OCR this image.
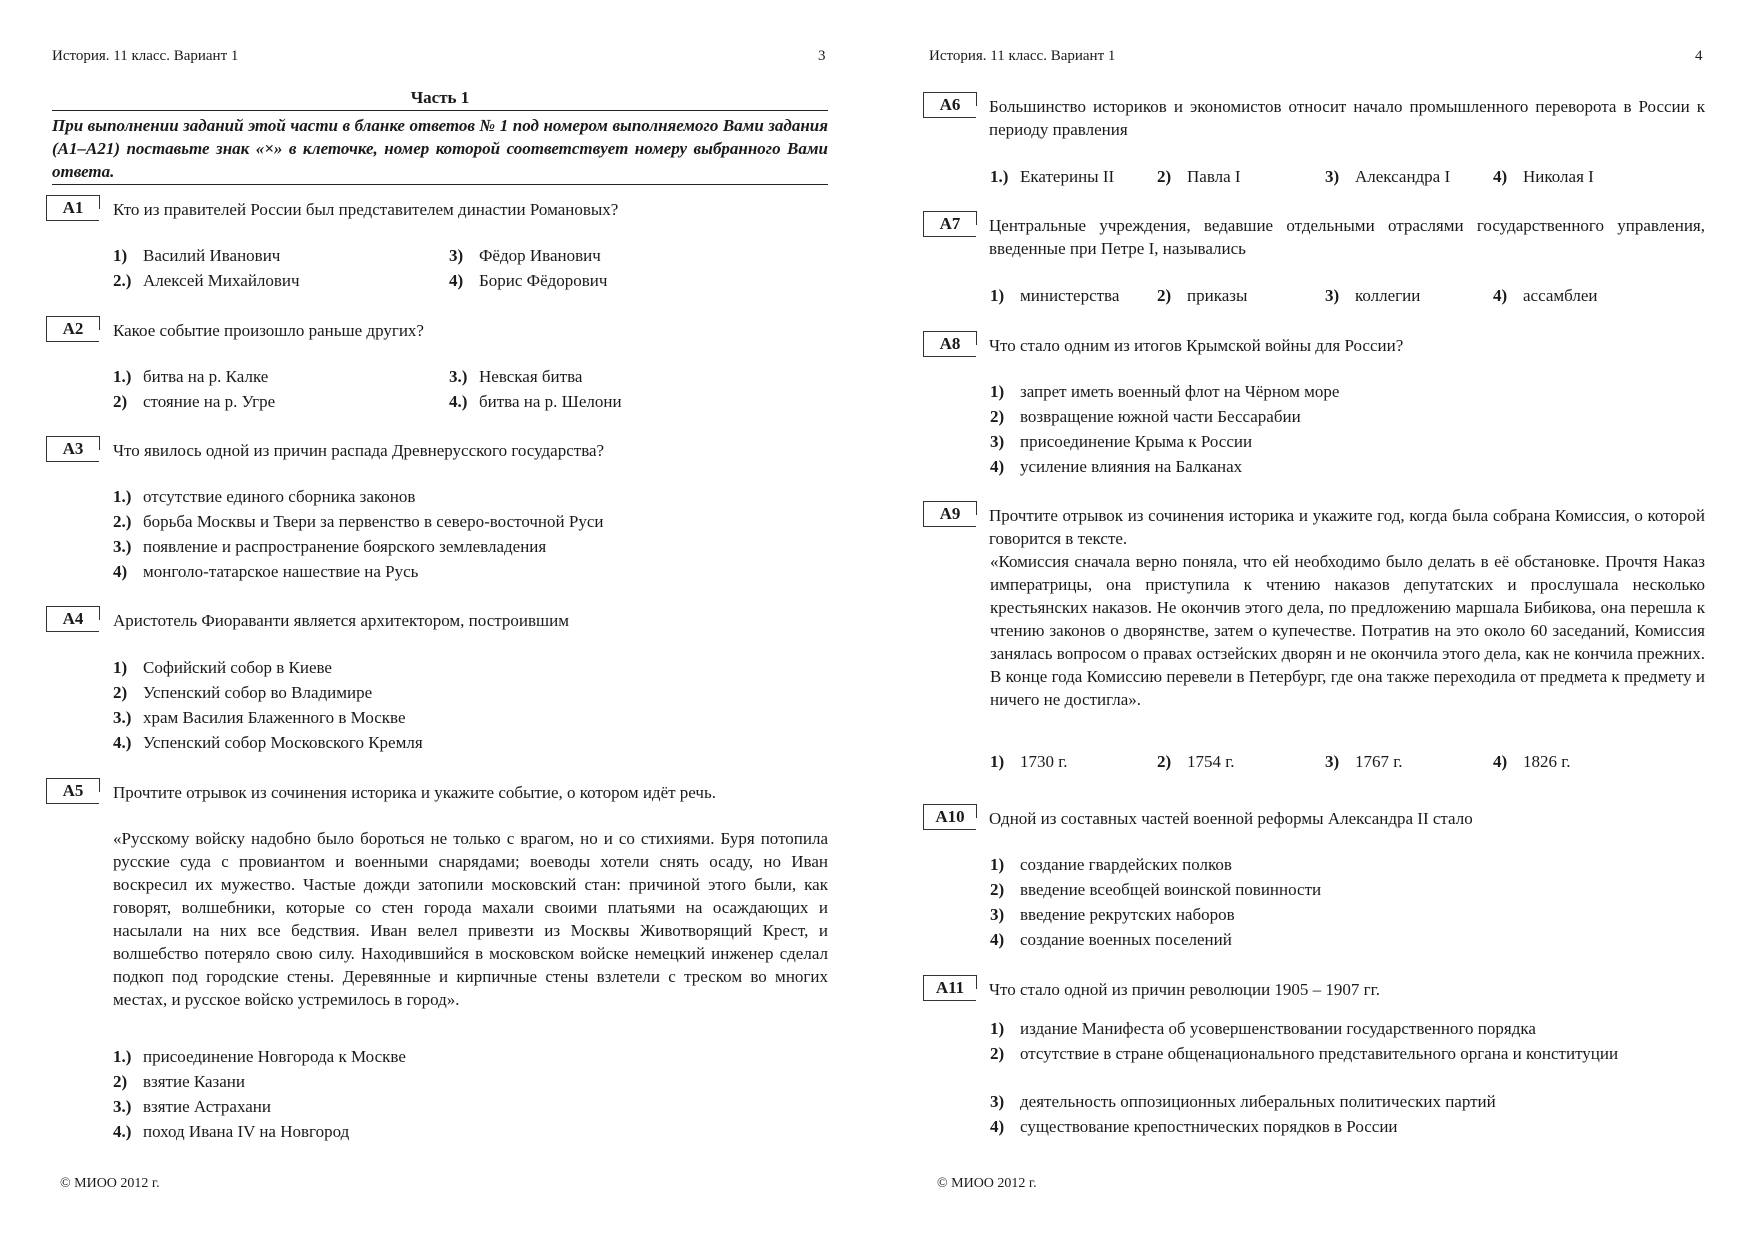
История. 11 класс. Вариант 1	3
Часть 1
При выполнении заданий этой части в бланке ответов № 1 под номером выполняемого Вами задания (А1–А21) поставьте знак «×» в клеточке, номер которой соответствует номеру выбранного Вами ответа.
А1	Кто из правителей России был представителем династии Романовых?
1) Василий Иванович
2.) Алексей Михайлович
3) Фёдор Иванович
4) Борис Фёдорович
А2	Какое событие произошло раньше других?
1.) битва на р. Калке
2) стояние на р. Угре
3.) Невская битва
4.) битва на р. Шелони
А3	Что явилось одной из причин распада Древнерусского государства?
1.) отсутствие единого сборника законов
2.) борьба Москвы и Твери за первенство в северо-восточной Руси
3.) появление и распространение боярского землевладения
4) монголо-татарское нашествие на Русь
А4	Аристотель Фиораванти является архитектором, построившим
1) Софийский собор в Киеве
2) Успенский собор во Владимире
3.) храм Василия Блаженного в Москве
4.) Успенский собор Московского Кремля
А5	Прочтите отрывок из сочинения историка и укажите событие, о котором идёт речь.
«Русскому войску надобно было бороться не только с врагом, но и со стихиями. Буря потопила русские суда с провиантом и военными снарядами; воеводы хотели снять осаду, но Иван воскресил их мужество. Частые дожди затопили московский стан: причиной этого были, как говорят, волшебники, которые со стен города махали своими платьями на осаждающих и насылали на них все бедствия. Иван велел привезти из Москвы Животворящий Крест, и волшебство потеряло свою силу. Находившийся в московском войске немецкий инженер сделал подкоп под городские стены. Деревянные и кирпичные стены взлетели с треском во многих местах, и русское войско устремилось в город».
1.) присоединение Новгорода к Москве
2) взятие Казани
3.) взятие Астрахани
4.) поход Ивана IV на Новгород
© МИОО 2012 г.
История. 11 класс. Вариант 1	4
А6	Большинство историков и экономистов относит начало промышленного переворота в России к периоду правления
1.) Екатерины II	2) Павла I	3) Александра I	4) Николая I
А7	Центральные учреждения, ведавшие отдельными отраслями государственного управления, введенные при Петре I, назывались
1) министерства 2) приказы	3) коллегии	4) ассамблеи
А8	Что стало одним из итогов Крымской войны для России?
1) запрет иметь военный флот на Чёрном море
2) возвращение южной части Бессарабии
3) присоединение Крыма к России
4) усиление влияния на Балканах
А9	Прочтите отрывок из сочинения историка и укажите год, когда была собрана Комиссия, о которой говорится в тексте.
«Комиссия сначала верно поняла, что ей необходимо было делать в её обстановке. Прочтя Наказ императрицы, она приступила к чтению наказов депутатских и прослушала несколько крестьянских наказов. Не окончив этого дела, по предложению маршала Бибикова, она перешла к чтению законов о дворянстве, затем о купечестве. Потратив на это около 60 заседаний, Комиссия занялась вопросом о правах остзейских дворян и не окончила этого дела, как не кончила прежних. В конце года Комиссию перевели в Петербург, где она также переходила от предмета к предмету и ничего не достигла».
1) 1730 г.	2) 1754 г.	3) 1767 г.	4) 1826 г.
А10	Одной из составных частей военной реформы Александра II стало
1) создание гвардейских полков
2) введение всеобщей воинской повинности
3) введение рекрутских наборов
4) создание военных поселений
А11	Что стало одной из причин революции 1905 – 1907 гг.
1) издание Манифеста об усовершенствовании государственного порядка
2) отсутствие в стране общенационального представительного органа и конституции
3) деятельность оппозиционных либеральных политических партий
4) существование крепостнических порядков в России
© МИОО 2012 г.
